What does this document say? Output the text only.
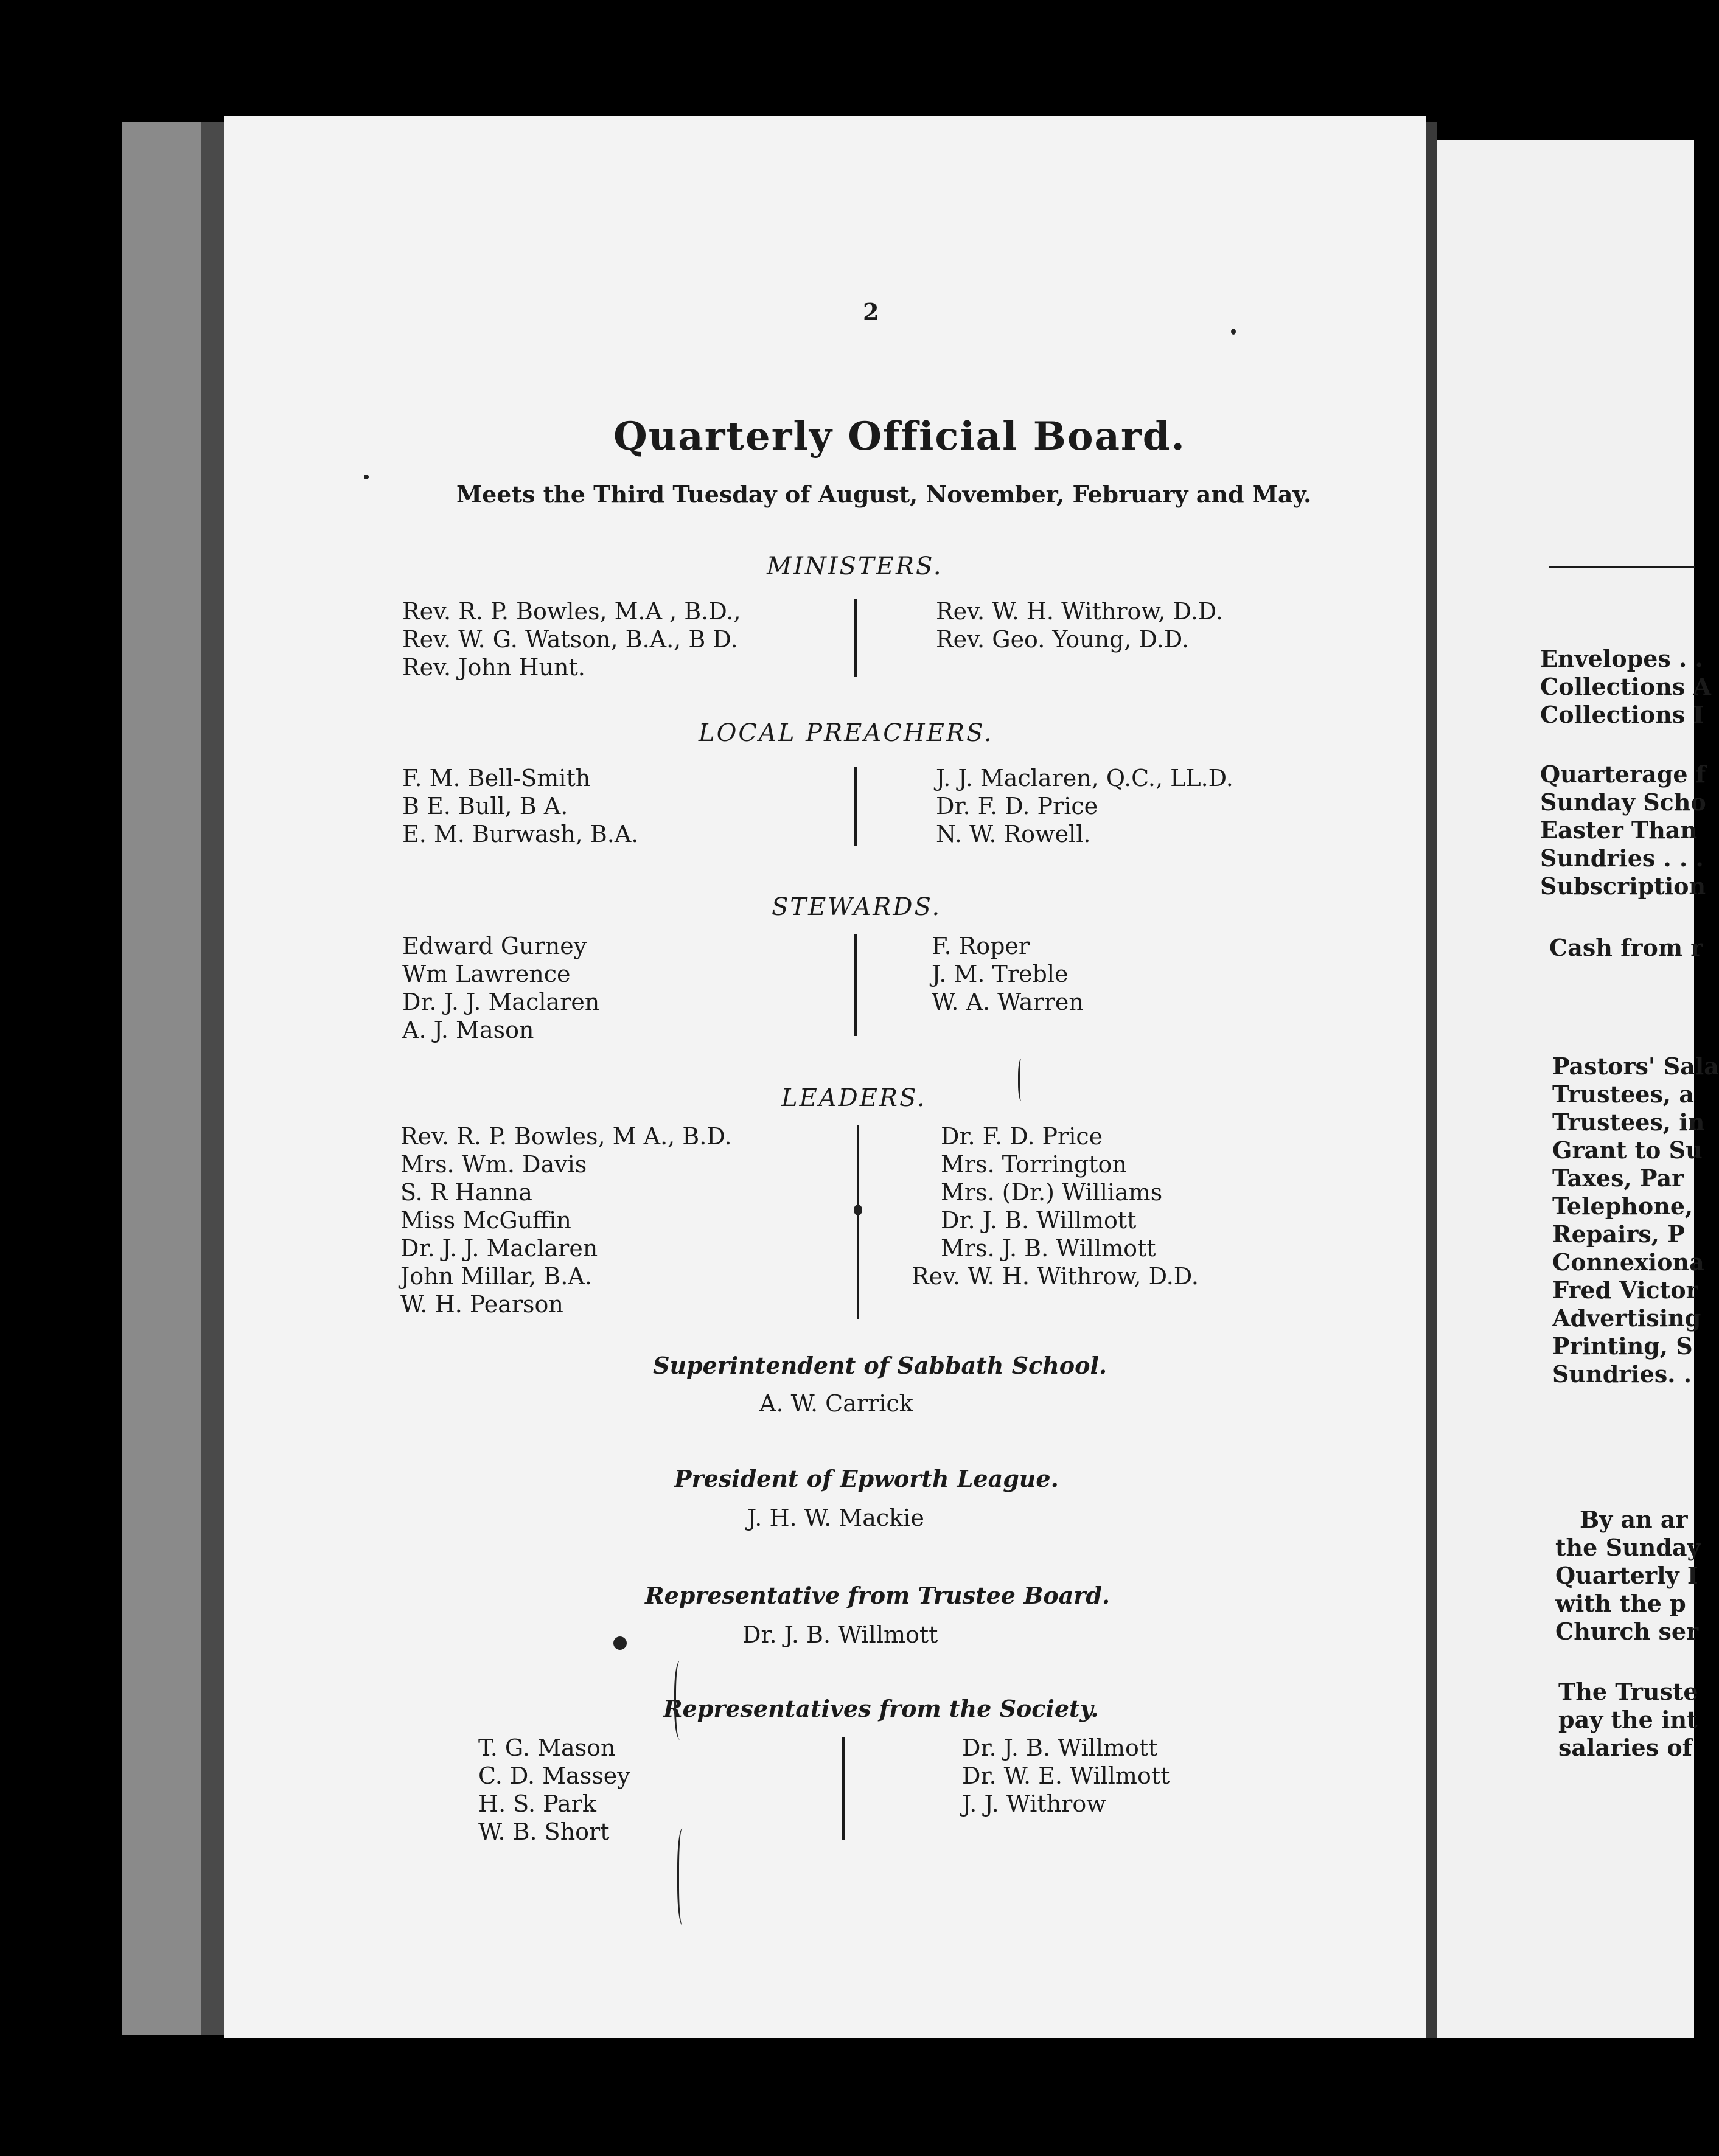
2
Quarterly Official Board.
Meets the Third Tuesday of August, November, February and May.
MINISTERS.
Rev. R. P. Bowles, M.A , B.D.,
Rev. W. G. Watson, B.A., B D.
Rev. John Hunt.
Rev. W. H. Withrow, D.D.
Rev. Geo. Young, D.D.
LOCAL PREACHERS.
F. M. Bell-Smith
B E. Bull, B A.
E. M. Burwash, B.A.
J. J. Maclaren, Q.C., LL.D.
Dr. F. D. Price
N. W. Rowell.
STEWARDS.
Edward Gurney
Wm Lawrence
Dr. J. J. Maclaren
A. J. Mason
F. Roper
J. M. Treble
W. A. Warren
LEADERS.
Rev. R. P. Bowles, M A., B.D.
Mrs. Wm. Davis
S. R Hanna
Miss McGuffin
Dr. J. J. Maclaren
John Millar, B.A.
W. H. Pearson
Dr. F. D. Price
Mrs. Torrington
Mrs. (Dr.) Williams
Dr. J. B. Willmott
Mrs. J. B. Willmott
Rev. W. H. Withrow, D.D.
Superintendent of Sabbath School.
A. W. Carrick
President of Epworth League.
J. H. W. Mackie
Representative from Trustee Board.
Dr. J. B. Willmott
Representatives from the Society.
T. G. Mason
C. D. Massey
H. S. Park
W. B. Short
Dr. J. B. Willmott
Dr. W. E. Willmott
J. J. Withrow
Envelopes . .
Collections A
Collections I
Quarterage f
Sunday Scho
Easter Than
Sundries . . .
Subscription
Cash from r
Pastors' Sala
Trustees, a
Trustees, in
Grant to Su
Taxes, Par
Telephone,
Repairs, P
Connexiona
Fred Victor
Advertising
Printing, S
Sundries. .
By an ar
the Sunday
Quarterly I
with the p
Church ser
The Truste
pay the int
salaries of
